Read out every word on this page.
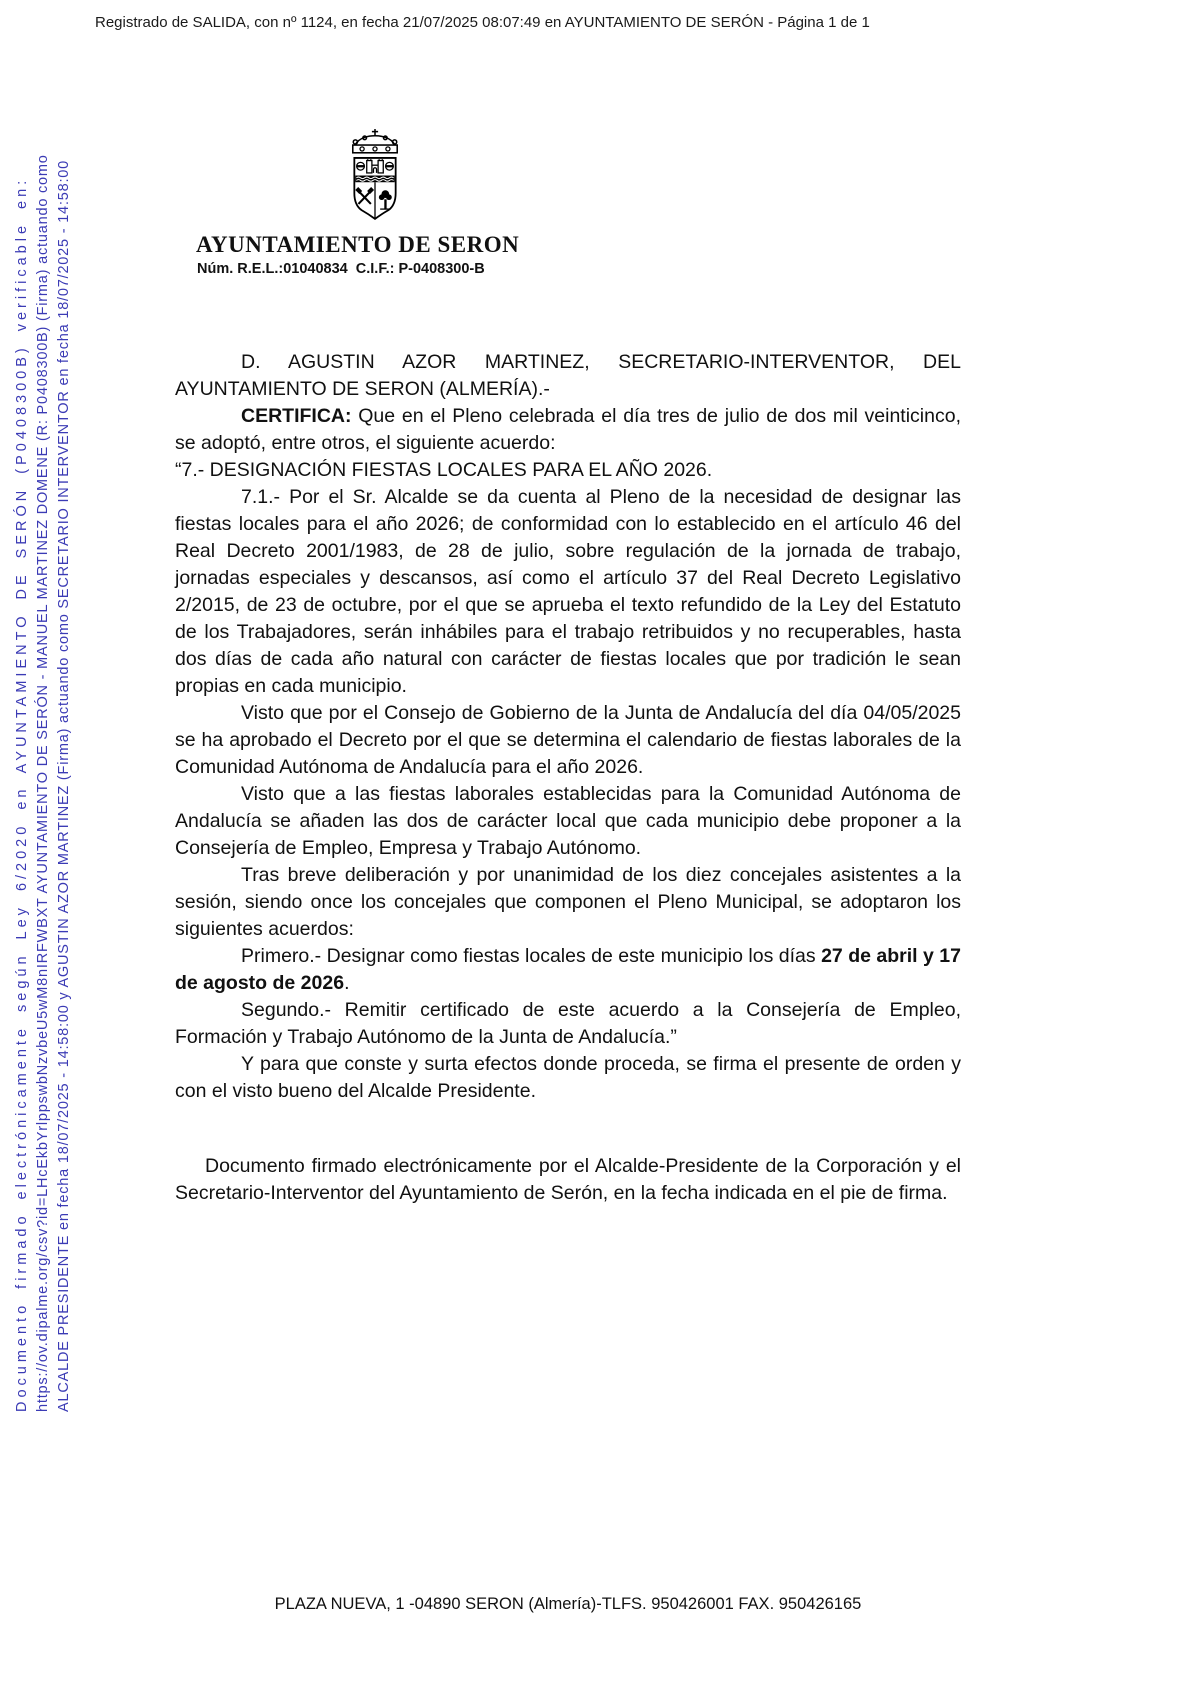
Registrado de SALIDA, con nº 1124, en fecha 21/07/2025 08:07:49 en AYUNTAMIENTO DE SERÓN - Página 1 de 1
Documento firmado electrónicamente según Ley 6/2020 en AYUNTAMIENTO DE SERÓN (P0408300B) verificable en: https://ov.dipalme.org/csv?id=LHcEkbYrlppswbNzvbeU5wM8nIRFWBXT AYUNTAMIENTO DE SERÓN - MANUEL MARTINEZ DOMENE (R: P0408300B) (Firma) actuando como ALCALDE PRESIDENTE en fecha 18/07/2025 - 14:58:00 y AGUSTIN AZOR MARTINEZ (Firma) actuando como SECRETARIO INTERVENTOR en fecha 18/07/2025 - 14:58:00	AYUNTAMIENTO DE SERON
Núm. R.E.L.:01040834  C.I.F.: P-0408300-B

D. AGUSTIN AZOR MARTINEZ, SECRETARIO-INTERVENTOR, DEL AYUNTAMIENTO DE SERON (ALMERÍA).-

CERTIFICA: Que en el Pleno celebrada el día tres de julio de dos mil veinticinco, se adoptó, entre otros, el siguiente acuerdo:

“7.- DESIGNACIÓN FIESTAS LOCALES PARA EL AÑO 2026.

7.1.- Por el Sr. Alcalde se da cuenta al Pleno de la necesidad de designar las fiestas locales para el año 2026; de conformidad con lo establecido en el artículo 46 del Real Decreto 2001/1983, de 28 de julio, sobre regulación de la jornada de trabajo, jornadas especiales y descansos, así como el artículo 37 del Real Decreto Legislativo 2/2015, de 23 de octubre, por el que se aprueba el texto refundido de la Ley del Estatuto de los Trabajadores, serán inhábiles para el trabajo retribuidos y no recuperables, hasta dos días de cada año natural con carácter de fiestas locales que por tradición le sean propias en cada municipio.

Visto que por el Consejo de Gobierno de la Junta de Andalucía del día 04/05/2025 se ha aprobado el Decreto por el que se determina el calendario de fiestas laborales de la Comunidad Autónoma de Andalucía para el año 2026.

Visto que a las fiestas laborales establecidas para la Comunidad Autónoma de Andalucía se añaden las dos de carácter local que cada municipio debe proponer a la Consejería de Empleo, Empresa y Trabajo Autónomo.

Tras breve deliberación y por unanimidad de los diez concejales asistentes a la sesión, siendo once los concejales que componen el Pleno Municipal, se adoptaron los siguientes acuerdos:

Primero.- Designar como fiestas locales de este municipio los días 27 de abril y 17 de agosto de 2026.

Segundo.- Remitir certificado de este acuerdo a la Consejería de Empleo, Formación y Trabajo Autónomo de la Junta de Andalucía.”

Y para que conste y surta efectos donde proceda, se firma el presente de orden y con el visto bueno del Alcalde Presidente.

Documento firmado electrónicamente por el Alcalde-Presidente de la Corporación y el Secretario-Interventor del Ayuntamiento de Serón, en la fecha indicada en el pie de firma.

PLAZA NUEVA, 1 -04890 SERON (Almería)-TLFS. 950426001 FAX. 950426165
